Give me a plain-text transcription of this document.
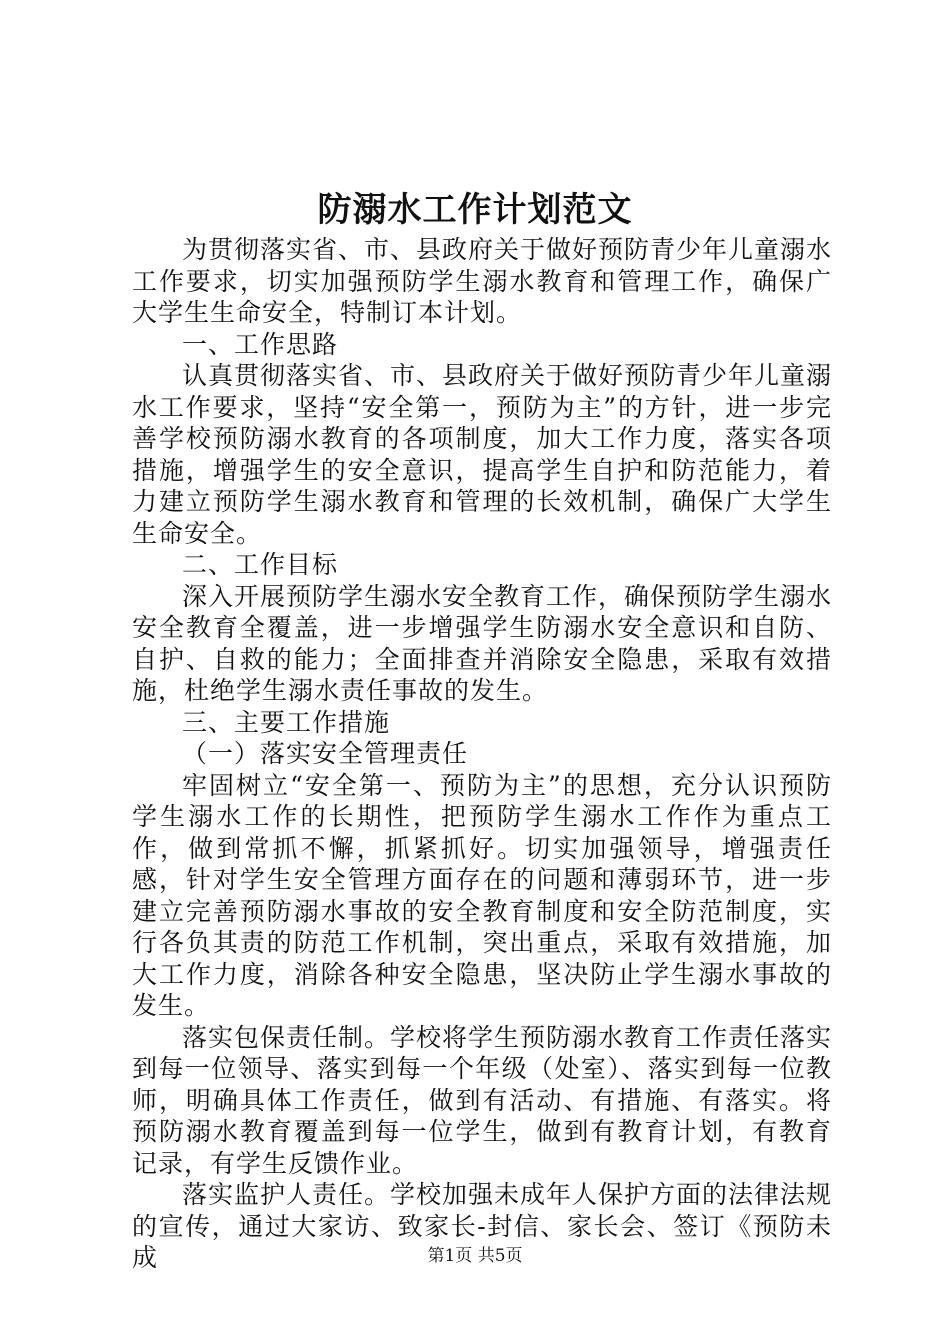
防溺水工作计划范文

为贯彻落实省、市、县政府关于做好预防青少年儿童溺水工作要求，切实加强预防学生溺水教育和管理工作，确保广大学生生命安全，特制订本计划。

一、工作思路

认真贯彻落实省、市、县政府关于做好预防青少年儿童溺水工作要求，坚持“安全第一，预防为主”的方针，进一步完善学校预防溺水教育的各项制度，加大工作力度，落实各项措施，增强学生的安全意识，提高学生自护和防范能力，着力建立预防学生溺水教育和管理的长效机制，确保广大学生生命安全。

二、工作目标

深入开展预防学生溺水安全教育工作，确保预防学生溺水安全教育全覆盖，进一步增强学生防溺水安全意识和自防、自护、自救的能力；全面排查并消除安全隐患，采取有效措施，杜绝学生溺水责任事故的发生。

三、主要工作措施

（一）落实安全管理责任

牢固树立“安全第一、预防为主”的思想，充分认识预防学生溺水工作的长期性，把预防学生溺水工作作为重点工作，做到常抓不懈，抓紧抓好。切实加强领导，增强责任感，针对学生安全管理方面存在的问题和薄弱环节，进一步建立完善预防溺水事故的安全教育制度和安全防范制度，实行各负其责的防范工作机制，突出重点，采取有效措施，加大工作力度，消除各种安全隐患，坚决防止学生溺水事故的发生。

落实包保责任制。学校将学生预防溺水教育工作责任落实到每一位领导、落实到每一个年级（处室）、落实到每一位教师，明确具体工作责任，做到有活动、有措施、有落实。将预防溺水教育覆盖到每一位学生，做到有教育计划，有教育记录，有学生反馈作业。

落实监护人责任。学校加强未成年人保护方面的法律法规的宣传，通过大家访、致家长-封信、家长会、签订《预防未成	第1页 共5页
